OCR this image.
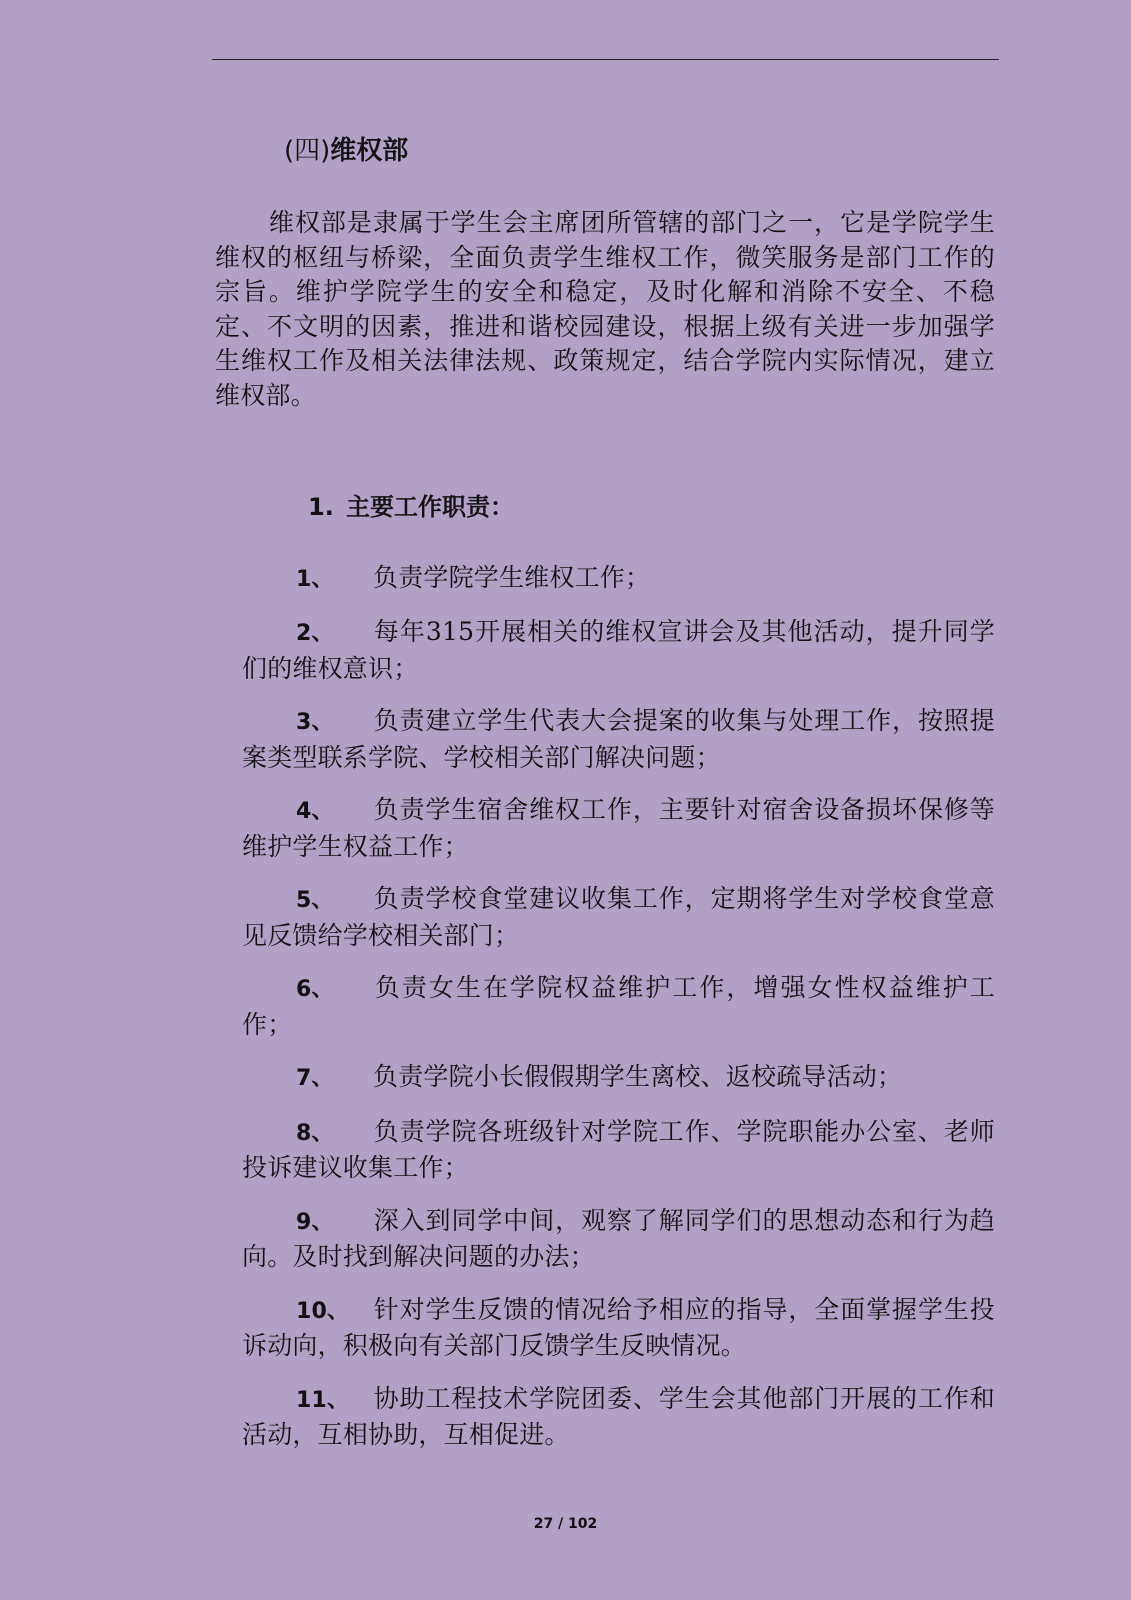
(四)维权部

维权部是隶属于学生会主席团所管辖的部门之一，它是学院学生维权的枢纽与桥梁，全面负责学生维权工作，微笑服务是部门工作的宗旨。维护学院学生的安全和稳定，及时化解和消除不安全、不稳定、不文明的因素，推进和谐校园建设，根据上级有关进一步加强学生维权工作及相关法律法规、政策规定，结合学院内实际情况，建立维权部。

1. 主要工作职责：
1、 负责学院学生维权工作；
2、 每年315开展相关的维权宣讲会及其他活动，提升同学们的维权意识；
3、 负责建立学生代表大会提案的收集与处理工作，按照提案类型联系学院、学校相关部门解决问题；
4、 负责学生宿舍维权工作，主要针对宿舍设备损坏保修等维护学生权益工作；
5、 负责学校食堂建议收集工作，定期将学生对学校食堂意见反馈给学校相关部门；
6、 负责女生在学院权益维护工作，增强女性权益维护工作；
7、 负责学院小长假假期学生离校、返校疏导活动；
8、 负责学院各班级针对学院工作、学院职能办公室、老师投诉建议收集工作；
9、 深入到同学中间，观察了解同学们的思想动态和行为趋向。及时找到解决问题的办法；
10、 针对学生反馈的情况给予相应的指导，全面掌握学生投诉动向，积极向有关部门反馈学生反映情况。
11、 协助工程技术学院团委、学生会其他部门开展的工作和活动，互相协助，互相促进。
27 / 102
